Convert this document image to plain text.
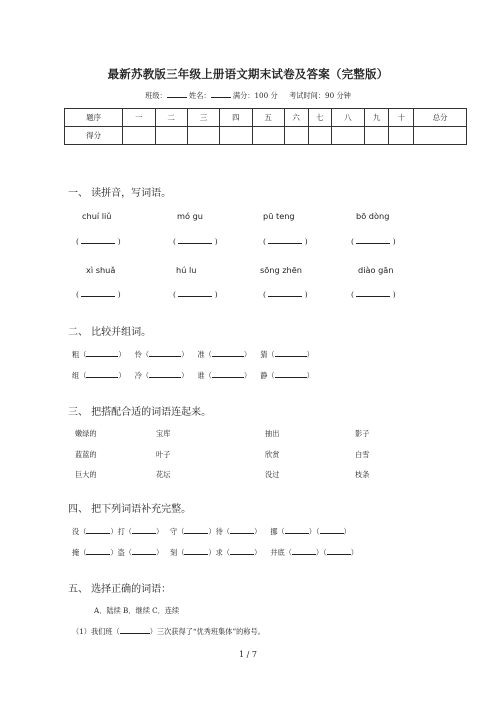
最新苏教版三年级上册语文期末试卷及答案（完整版）
班级：	姓名：	满分：100 分 考试时间：90 分钟
题序	一	二	三	四	五	六	七	八	九	十	总分
得分											
一、 读拼音，写词语。
chuí liǔ	mó gu	pū teng	bō dòng
(	)	(	)	(	)	(	)
xì shuǎ	hú lu	sōng zhēn	diào gān
(	)	(	)	(	)	(	)
二、 比较并组词。
粗（	） 怜（	） 准（	） 猜（	）
组（	） 冷（	） 谁（	） 静（	）
三、 把搭配合适的词语连起来。
嫩绿的	宝库	抽出	影子
蓝蓝的	叶子	欣赏	白雪
巨大的	花坛	没过	枝条
四、 把下列词语补充完整。
没（	）打（	） 守（	）待（	） 挪（	）（	）
掩（	）盗（	） 刻（	）求（	） 井底（	）（	）
五、 选择正确的词语：
A．陆续 B．继续 C．连续
（1）我们班（	）三次获得了“优秀班集体”的称号。
1 / 7
